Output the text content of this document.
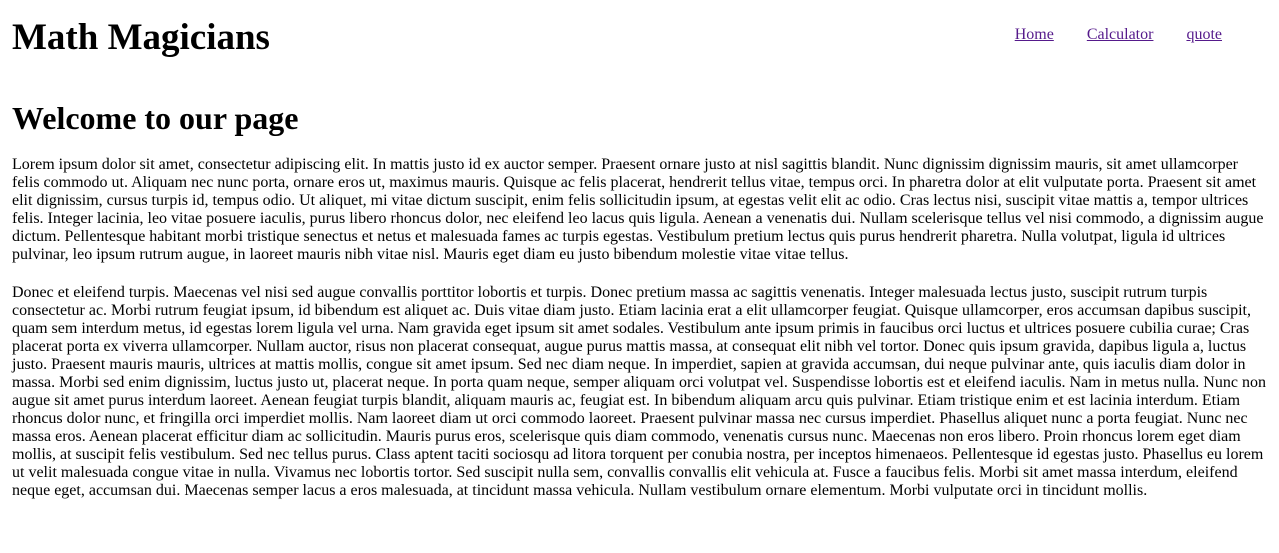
Math Magicians	Home Calculator quote
Welcome to our page

Lorem ipsum dolor sit amet, consectetur adipiscing elit. In mattis justo id ex auctor semper. Praesent ornare justo at nisl sagittis blandit. Nunc dignissim dignissim mauris, sit amet ullamcorper felis commodo ut. Aliquam nec nunc porta, ornare eros ut, maximus mauris. Quisque ac felis placerat, hendrerit tellus vitae, tempus orci. In pharetra dolor at elit vulputate porta. Praesent sit amet elit dignissim, cursus turpis id, tempus odio. Ut aliquet, mi vitae dictum suscipit, enim felis sollicitudin ipsum, at egestas velit elit ac odio. Cras lectus nisi, suscipit vitae mattis a, tempor ultrices felis. Integer lacinia, leo vitae posuere iaculis, purus libero rhoncus dolor, nec eleifend leo lacus quis ligula. Aenean a venenatis dui. Nullam scelerisque tellus vel nisi commodo, a dignissim augue dictum. Pellentesque habitant morbi tristique senectus et netus et malesuada fames ac turpis egestas. Vestibulum pretium lectus quis purus hendrerit pharetra. Nulla volutpat, ligula id ultrices pulvinar, leo ipsum rutrum augue, in laoreet mauris nibh vitae nisl. Mauris eget diam eu justo bibendum molestie vitae vitae tellus.

Donec et eleifend turpis. Maecenas vel nisi sed augue convallis porttitor lobortis et turpis. Donec pretium massa ac sagittis venenatis. Integer malesuada lectus justo, suscipit rutrum turpis consectetur ac. Morbi rutrum feugiat ipsum, id bibendum est aliquet ac. Duis vitae diam justo. Etiam lacinia erat a elit ullamcorper feugiat. Quisque ullamcorper, eros accumsan dapibus suscipit, quam sem interdum metus, id egestas lorem ligula vel urna. Nam gravida eget ipsum sit amet sodales. Vestibulum ante ipsum primis in faucibus orci luctus et ultrices posuere cubilia curae; Cras placerat porta ex viverra ullamcorper. Nullam auctor, risus non placerat consequat, augue purus mattis massa, at consequat elit nibh vel tortor. Donec quis ipsum gravida, dapibus ligula a, luctus justo. Praesent mauris mauris, ultrices at mattis mollis, congue sit amet ipsum. Sed nec diam neque. In imperdiet, sapien at gravida accumsan, dui neque pulvinar ante, quis iaculis diam dolor in massa. Morbi sed enim dignissim, luctus justo ut, placerat neque. In porta quam neque, semper aliquam orci volutpat vel. Suspendisse lobortis est et eleifend iaculis. Nam in metus nulla. Nunc non augue sit amet purus interdum laoreet. Aenean feugiat turpis blandit, aliquam mauris ac, feugiat est. In bibendum aliquam arcu quis pulvinar. Etiam tristique enim et est lacinia interdum. Etiam rhoncus dolor nunc, et fringilla orci imperdiet mollis. Nam laoreet diam ut orci commodo laoreet. Praesent pulvinar massa nec cursus imperdiet. Phasellus aliquet nunc a porta feugiat. Nunc nec massa eros. Aenean placerat efficitur diam ac sollicitudin. Mauris purus eros, scelerisque quis diam commodo, venenatis cursus nunc. Maecenas non eros libero. Proin rhoncus lorem eget diam mollis, at suscipit felis vestibulum. Sed nec tellus purus. Class aptent taciti sociosqu ad litora torquent per conubia nostra, per inceptos himenaeos. Pellentesque id egestas justo. Phasellus eu lorem ut velit malesuada congue vitae in nulla. Vivamus nec lobortis tortor. Sed suscipit nulla sem, convallis convallis elit vehicula at. Fusce a faucibus felis. Morbi sit amet massa interdum, eleifend neque eget, accumsan dui. Maecenas semper lacus a eros malesuada, at tincidunt massa vehicula. Nullam vestibulum ornare elementum. Morbi vulputate orci in tincidunt mollis.
